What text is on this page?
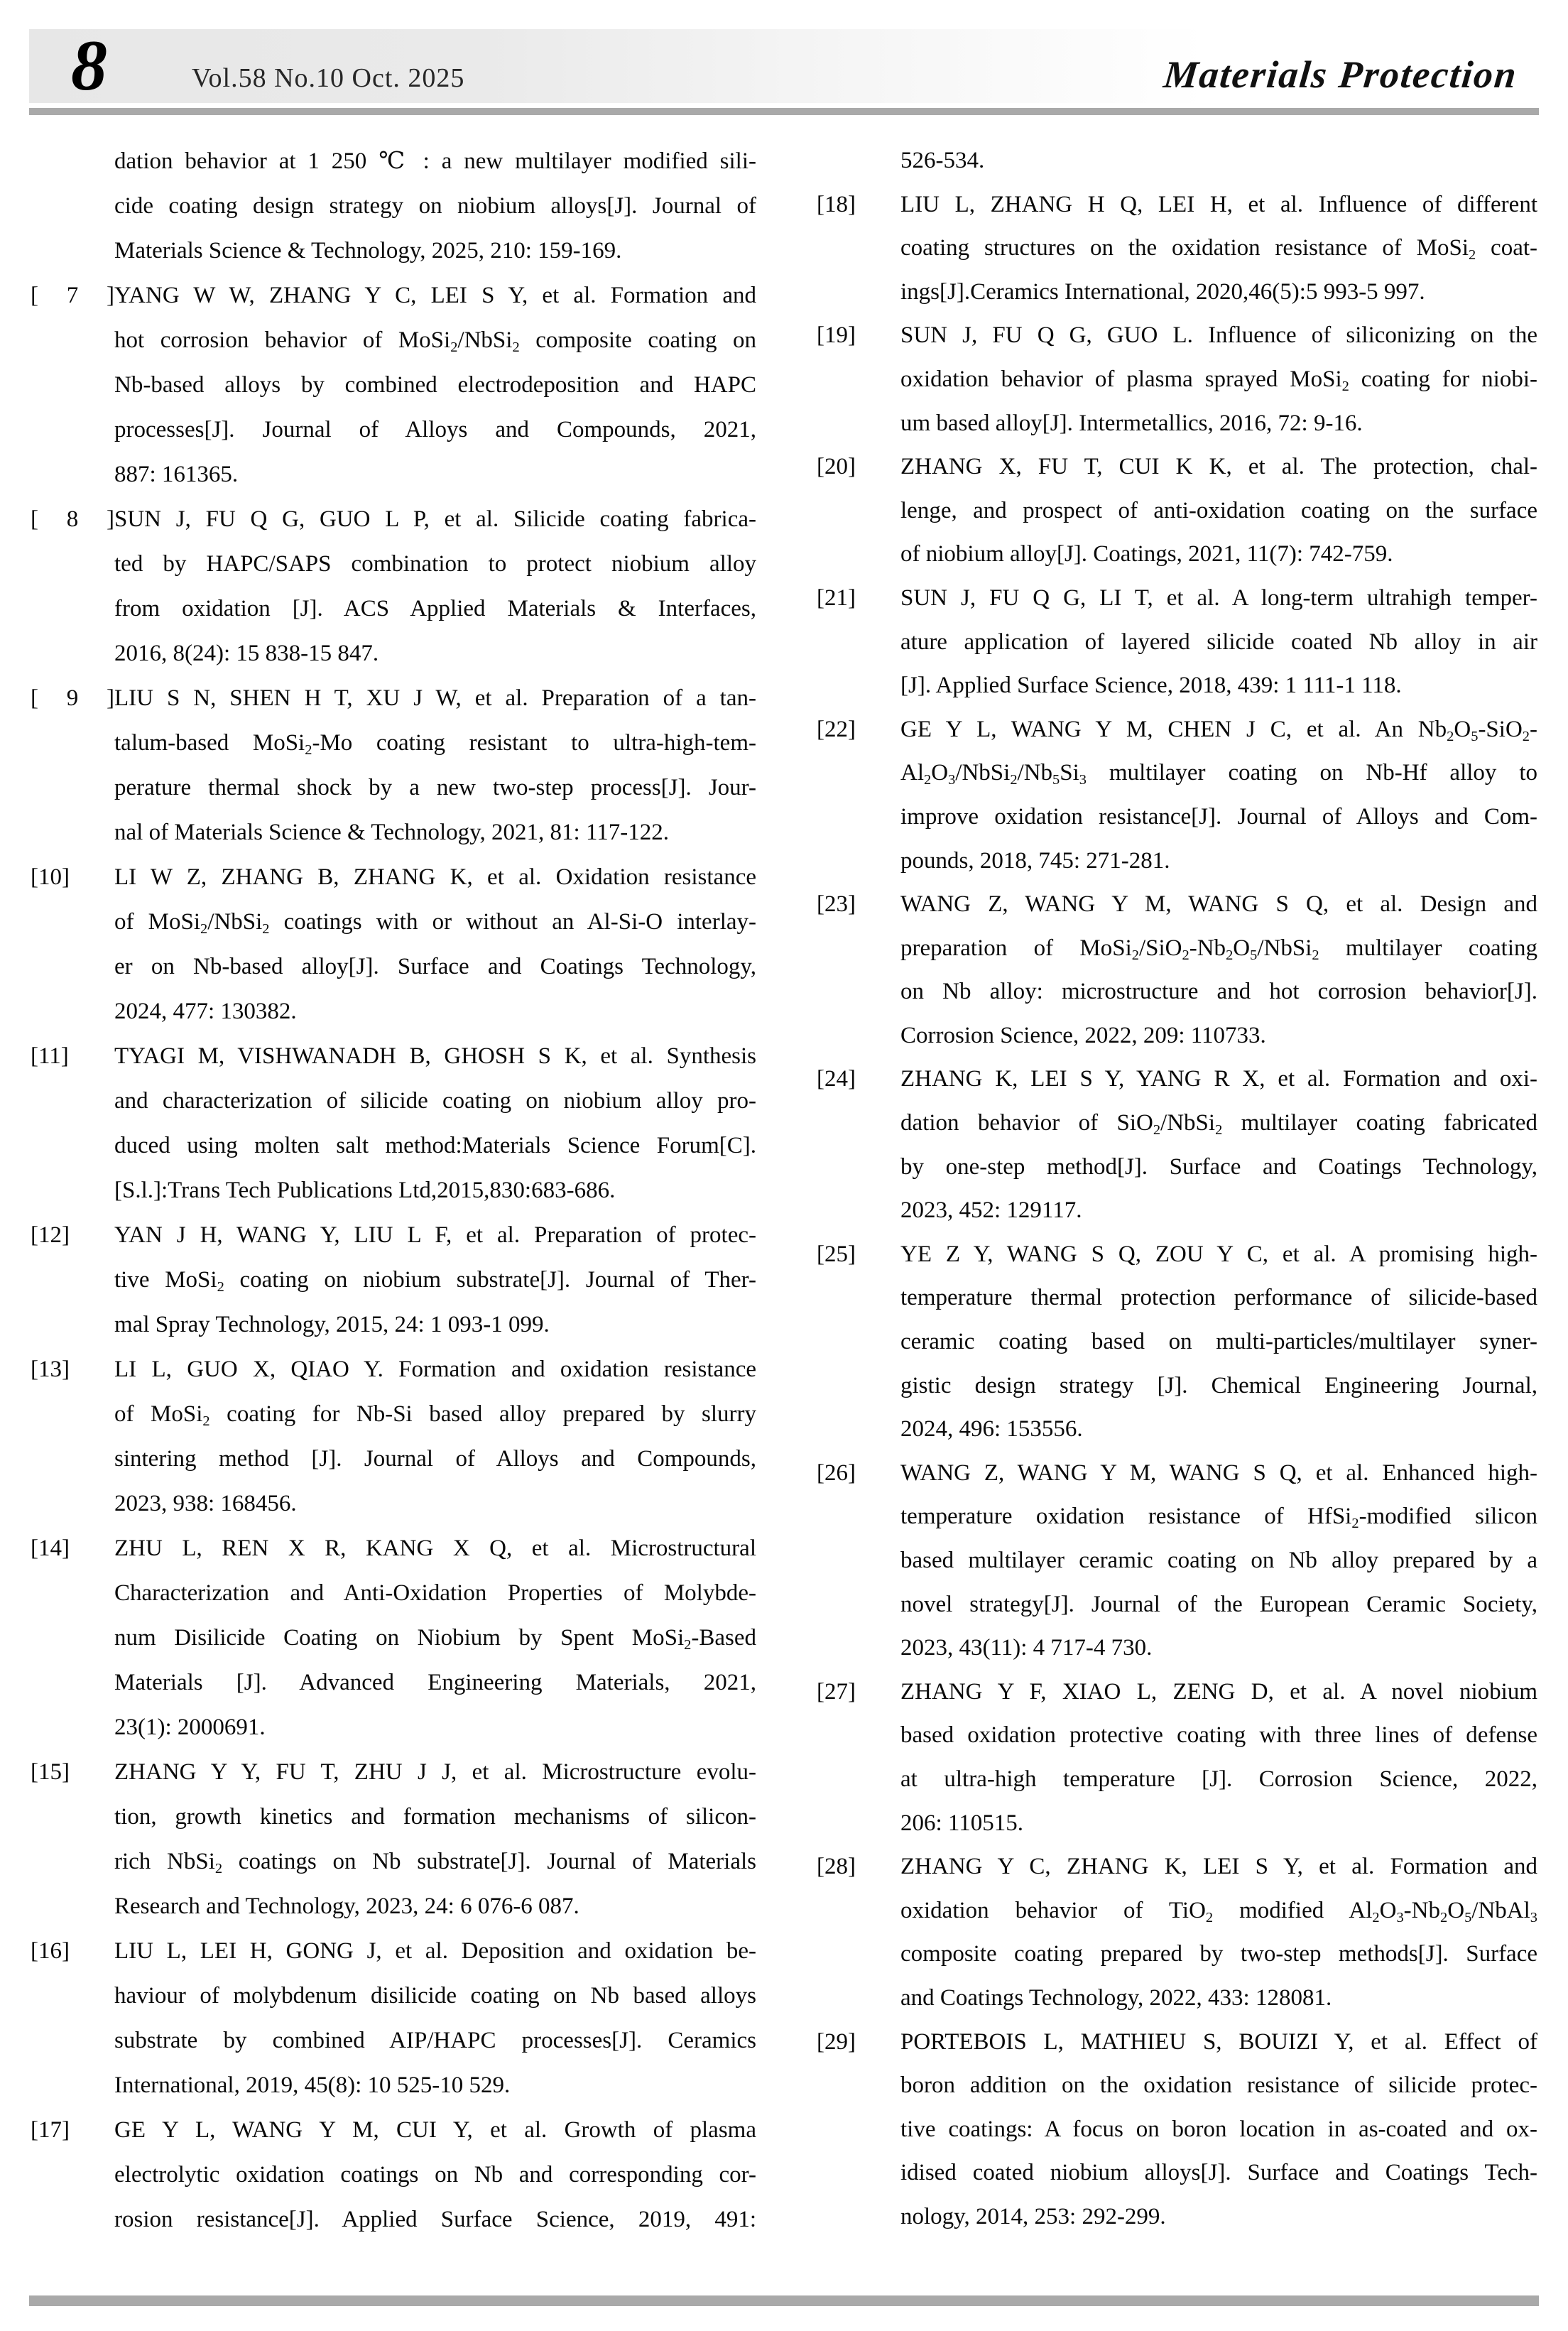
8	Vol.58 No.10 Oct. 2025	Materials Protection
dation behavior at 1 250 ℃ : a new multilayer modified sili-
cide coating design strategy on niobium alloys[J]. Journal of
Materials Science & Technology, 2025, 210: 159-169.
[ 7 ]YANG W W, ZHANG Y C, LEI S Y, et al. Formation and
hot corrosion behavior of MoSi$_2$/NbSi$_2$ composite coating on
Nb-based alloys by combined electrodeposition and HAPC
processes[J]. Journal of Alloys and Compounds, 2021,
887: 161365.
[ 8 ]SUN J, FU Q G, GUO L P, et al. Silicide coating fabrica-
ted by HAPC/SAPS combination to protect niobium alloy
from oxidation [J]. ACS Applied Materials & Interfaces,
2016, 8(24): 15 838-15 847.
[ 9 ]LIU S N, SHEN H T, XU J W, et al. Preparation of a tan-
talum-based MoSi$_2$-Mo coating resistant to ultra-high-tem-
perature thermal shock by a new two-step process[J]. Jour-
nal of Materials Science & Technology, 2021, 81: 117-122.
[10] LI W Z, ZHANG B, ZHANG K, et al. Oxidation resistance
of MoSi$_2$/NbSi$_2$ coatings with or without an Al-Si-O interlay-
er on Nb-based alloy[J]. Surface and Coatings Technology,
2024, 477: 130382.
[11] TYAGI M, VISHWANADH B, GHOSH S K, et al. Synthesis
and characterization of silicide coating on niobium alloy pro-
duced using molten salt method:Materials Science Forum[C].
[S.l.]:Trans Tech Publications Ltd,2015,830:683-686.
[12] YAN J H, WANG Y, LIU L F, et al. Preparation of protec-
tive MoSi$_2$ coating on niobium substrate[J]. Journal of Ther-
mal Spray Technology, 2015, 24: 1 093-1 099.
[13] LI L, GUO X, QIAO Y. Formation and oxidation resistance
of MoSi$_2$ coating for Nb-Si based alloy prepared by slurry
sintering method [J]. Journal of Alloys and Compounds,
2023, 938: 168456.
[14] ZHU L, REN X R, KANG X Q, et al. Microstructural
Characterization and Anti-Oxidation Properties of Molybde-
num Disilicide Coating on Niobium by Spent MoSi$_2$-Based
Materials [J]. Advanced Engineering Materials, 2021,
23(1): 2000691.
[15] ZHANG Y Y, FU T, ZHU J J, et al. Microstructure evolu-
tion, growth kinetics and formation mechanisms of silicon-
rich NbSi$_2$ coatings on Nb substrate[J]. Journal of Materials
Research and Technology, 2023, 24: 6 076-6 087.
[16] LIU L, LEI H, GONG J, et al. Deposition and oxidation be-
haviour of molybdenum disilicide coating on Nb based alloys
substrate by combined AIP/HAPC processes[J]. Ceramics
International, 2019, 45(8): 10 525-10 529.
[17] GE Y L, WANG Y M, CUI Y, et al. Growth of plasma
electrolytic oxidation coatings on Nb and corresponding cor-
rosion resistance[J]. Applied Surface Science, 2019, 491:
526-534.
[18] LIU L, ZHANG H Q, LEI H, et al. Influence of different
coating structures on the oxidation resistance of MoSi$_2$ coat-
ings[J].Ceramics International, 2020,46(5):5 993-5 997.
[19] SUN J, FU Q G, GUO L. Influence of siliconizing on the
oxidation behavior of plasma sprayed MoSi$_2$ coating for niobi-
um based alloy[J]. Intermetallics, 2016, 72: 9-16.
[20] ZHANG X, FU T, CUI K K, et al. The protection, chal-
lenge, and prospect of anti-oxidation coating on the surface
of niobium alloy[J]. Coatings, 2021, 11(7): 742-759.
[21] SUN J, FU Q G, LI T, et al. A long-term ultrahigh temper-
ature application of layered silicide coated Nb alloy in air
[J]. Applied Surface Science, 2018, 439: 1 111-1 118.
[22] GE Y L, WANG Y M, CHEN J C, et al. An $Nb_2O_5-SiO_2-$
$Al_2O_3/NbSi_2/Nb_5Si_3$ multilayer coating on Nb-Hf alloy to
improve oxidation resistance[J]. Journal of Alloys and Com-
pounds, 2018, 745: 271-281.
[23] WANG Z, WANG Y M, WANG S Q, et al. Design and
preparation of $MoSi_2/SiO_2-Nb_2O_5/NbSi_2$ multilayer coating
on Nb alloy: microstructure and hot corrosion behavior[J].
Corrosion Science, 2022, 209: 110733.
[24] ZHANG K, LEI S Y, YANG R X, et al. Formation and oxi-
dation behavior of SiO$_2$/NbSi$_2$ multilayer coating fabricated
by one-step method[J]. Surface and Coatings Technology,
2023, 452: 129117.
[25] YE Z Y, WANG S Q, ZOU Y C, et al. A promising high-
temperature thermal protection performance of silicide-based
ceramic coating based on multi-particles/multilayer syner-
gistic design strategy [J]. Chemical Engineering Journal,
2024, 496: 153556.
[26] WANG Z, WANG Y M, WANG S Q, et al. Enhanced high-
temperature oxidation resistance of HfSi$_2$-modified silicon
based multilayer ceramic coating on Nb alloy prepared by a
novel strategy[J]. Journal of the European Ceramic Society,
2023, 43(11): 4 717-4 730.
[27] ZHANG Y F, XIAO L, ZENG D, et al. A novel niobium
based oxidation protective coating with three lines of defense
at ultra-high temperature [J]. Corrosion Science, 2022,
206: 110515.
[28] ZHANG Y C, ZHANG K, LEI S Y, et al. Formation and
oxidation behavior of TiO$_2$ modified $Al_2O_3-Nb_2O_5/NbAl_3$
composite coating prepared by two-step methods[J]. Surface
and Coatings Technology, 2022, 433: 128081.
[29] PORTEBOIS L, MATHIEU S, BOUIZI Y, et al. Effect of
boron addition on the oxidation resistance of silicide protec-
tive coatings: A focus on boron location in as-coated and ox-
idised coated niobium alloys[J]. Surface and Coatings Tech-
nology, 2014, 253: 292-299.
